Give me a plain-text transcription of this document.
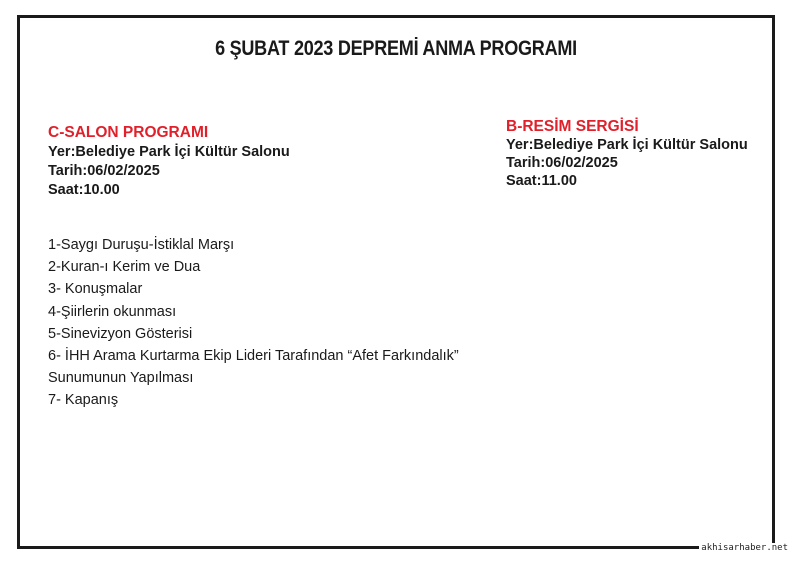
6 ŞUBAT 2023 DEPREMİ ANMA PROGRAMI
C-SALON PROGRAMI
Yer:Belediye Park İçi Kültür Salonu
Tarih:06/02/2025
Saat:10.00
B-RESİM SERGİSİ
Yer:Belediye Park İçi Kültür Salonu
Tarih:06/02/2025
Saat:11.00
1-Saygı Duruşu-İstiklal Marşı
2-Kuran-ı Kerim ve Dua
3- Konuşmalar
4-Şiirlerin okunması
5-Sinevizyon Gösterisi
6- İHH Arama Kurtarma Ekip Lideri Tarafından “Afet Farkındalık”
Sunumunun Yapılması
7- Kapanış
akhisarhaber.net
